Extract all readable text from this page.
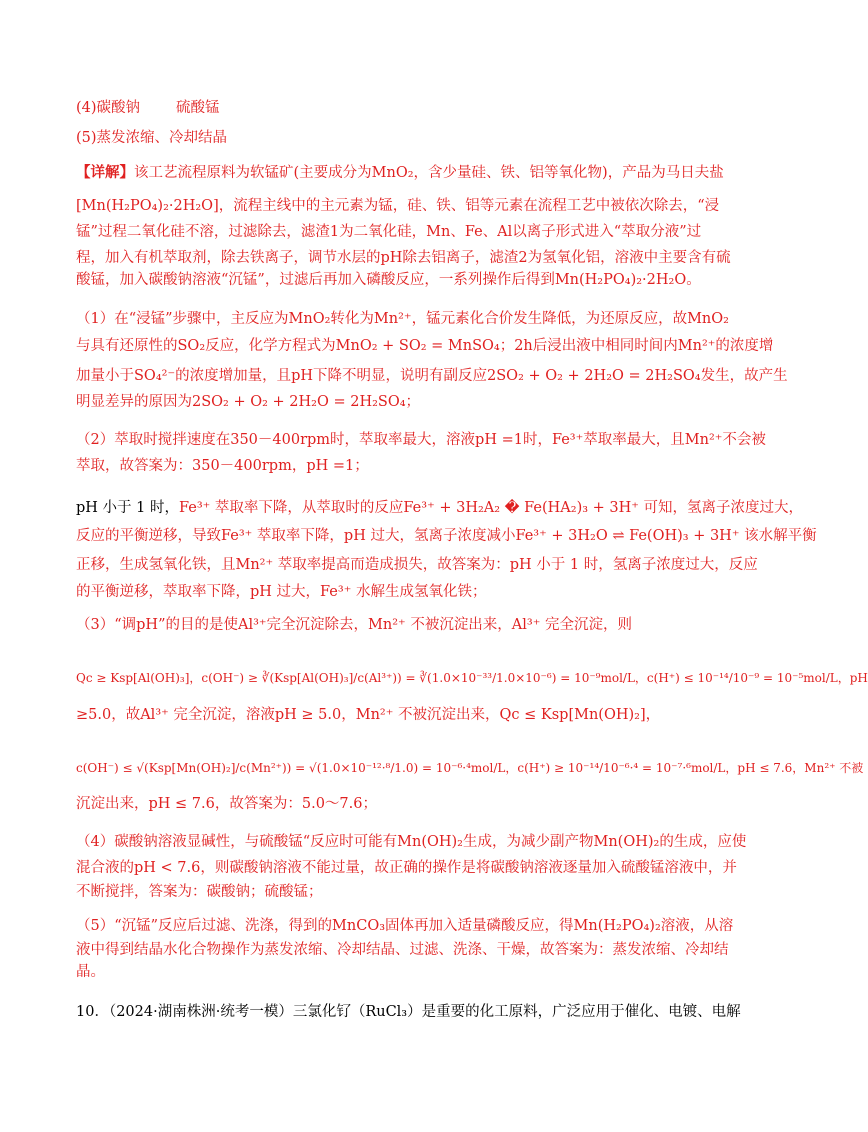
(4)碳酸钠 硫酸锰
(5)蒸发浓缩、冷却结晶
【详解】该工艺流程原料为软锰矿(主要成分为MnO₂，含少量硅、铁、铝等氧化物)，产品为马日夫盐
[Mn(H₂PO₄)₂·2H₂O]，流程主线中的主元素为锰，硅、铁、铝等元素在流程工艺中被依次除去，“浸
锰”过程二氧化硅不溶，过滤除去，滤渣1为二氧化硅，Mn、Fe、Al以离子形式进入“萃取分液”过
程，加入有机萃取剂，除去铁离子，调节水层的pH除去铝离子，滤渣2为氢氧化铝，溶液中主要含有硫
酸锰，加入碳酸钠溶液“沉锰”，过滤后再加入磷酸反应，一系列操作后得到Mn(H₂PO₄)₂·2H₂O。
（1）在“浸锰”步骤中，主反应为MnO₂转化为Mn²⁺，锰元素化合价发生降低，为还原反应，故MnO₂
与具有还原性的SO₂反应，化学方程式为MnO₂ + SO₂ = MnSO₄；2h后浸出液中相同时间内Mn²⁺的浓度增
加量小于SO₄²⁻的浓度增加量，且pH下降不明显，说明有副反应2SO₂ + O₂ + 2H₂O = 2H₂SO₄发生，故产生
明显差异的原因为2SO₂ + O₂ + 2H₂O = 2H₂SO₄；
（2）萃取时搅拌速度在350－400rpm时，萃取率最大，溶液pH =1时，Fe³⁺萃取率最大，且Mn²⁺不会被
萃取，故答案为：350－400rpm，pH =1；
pH 小于 1 时，Fe³⁺ 萃取率下降，从萃取时的反应Fe³⁺ + 3H₂A₂ � Fe(HA₂)₃ + 3H⁺ 可知，氢离子浓度过大，
反应的平衡逆移，导致Fe³⁺ 萃取率下降，pH 过大，氢离子浓度减小Fe³⁺ + 3H₂O ⇌ Fe(OH)₃ + 3H⁺ 该水解平衡
正移，生成氢氧化铁，且Mn²⁺ 萃取率提高而造成损失，故答案为：pH 小于 1 时，氢离子浓度过大，反应
的平衡逆移，萃取率下降，pH 过大，Fe³⁺ 水解生成氢氧化铁；
（3）“调pH”的目的是使Al³⁺完全沉淀除去，Mn²⁺ 不被沉淀出来，Al³⁺ 完全沉淀，则
Qc ≥ Ksp[Al(OH)₃]，c(OH⁻) ≥ ∛(Ksp[Al(OH)₃]/c(Al³⁺)) = ∛(1.0×10⁻³³/1.0×10⁻⁶) = 10⁻⁹mol/L，c(H⁺) ≤ 10⁻¹⁴/10⁻⁹ = 10⁻⁵mol/L，pH
≥5.0，故Al³⁺ 完全沉淀，溶液pH ≥ 5.0，Mn²⁺ 不被沉淀出来，Qc ≤ Ksp[Mn(OH)₂]，
c(OH⁻) ≤ √(Ksp[Mn(OH)₂]/c(Mn²⁺)) = √(1.0×10⁻¹²·⁸/1.0) = 10⁻⁶·⁴mol/L，c(H⁺) ≥ 10⁻¹⁴/10⁻⁶·⁴ = 10⁻⁷·⁶mol/L，pH ≤ 7.6，Mn²⁺ 不被
沉淀出来，pH ≤ 7.6，故答案为：5.0～7.6；
（4）碳酸钠溶液显碱性，与硫酸锰“反应时可能有Mn(OH)₂生成，为减少副产物Mn(OH)₂的生成，应使
混合液的pH < 7.6，则碳酸钠溶液不能过量，故正确的操作是将碳酸钠溶液逐量加入硫酸锰溶液中，并
不断搅拌，答案为：碳酸钠；硫酸锰；
（5）“沉锰”反应后过滤、洗涤，得到的MnCO₃固体再加入适量磷酸反应，得Mn(H₂PO₄)₂溶液，从溶
液中得到结晶水化合物操作为蒸发浓缩、冷却结晶、过滤、洗涤、干燥，故答案为：蒸发浓缩、冷却结
晶。
10．（2024·湖南株洲·统考一模）三氯化钌（RuCl₃）是重要的化工原料，广泛应用于催化、电镀、电解
